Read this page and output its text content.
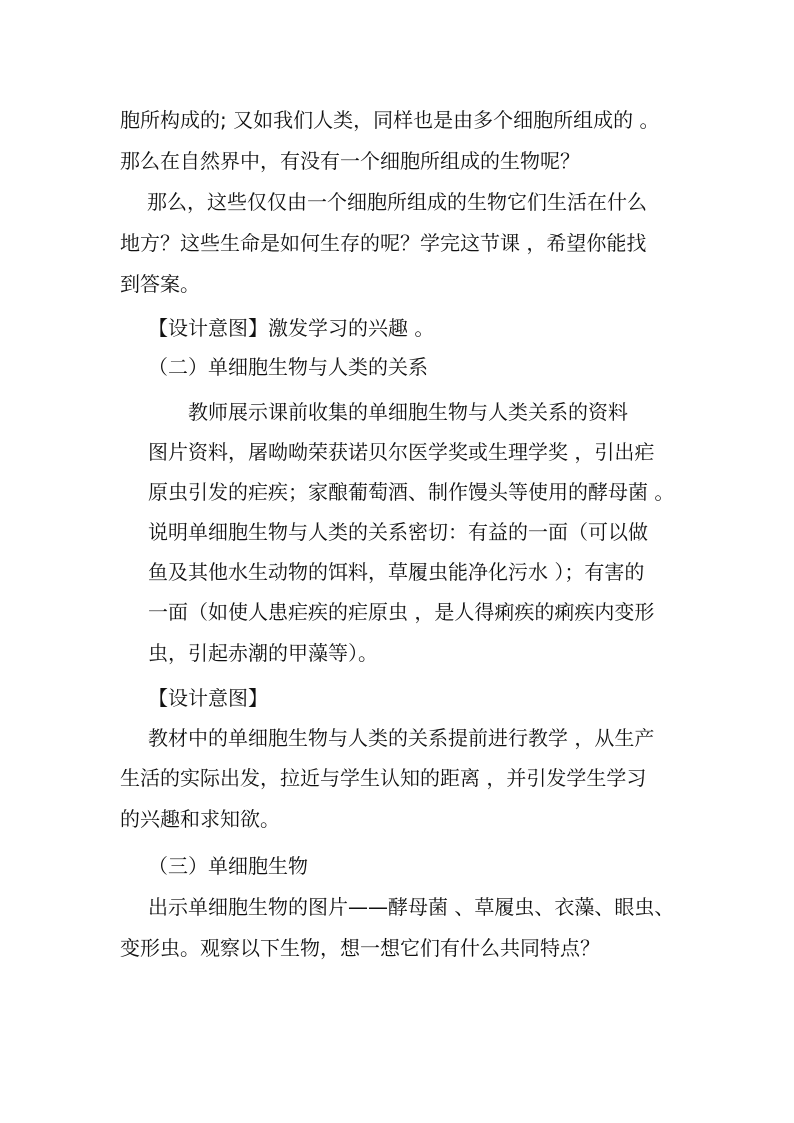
胞所构成的; 又如我们人类，同样也是由多个细胞所组成的 。
那么在自然界中，有没有一个细胞所组成的生物呢？
那么，这些仅仅由一个细胞所组成的生物它们生活在什么
地方？这些生命是如何生存的呢？学完这节课 ，希望你能找
到答案。
【设计意图】激发学习的兴趣 。
（二）单细胞生物与人类的关系
教师展示课前收集的单细胞生物与人类关系的资料
图片资料，屠呦呦荣获诺贝尔医学奖或生理学奖 ，引出疟
原虫引发的疟疾；家酿葡萄酒、制作馒头等使用的酵母菌 。
说明单细胞生物与人类的关系密切：有益的一面（可以做
鱼及其他水生动物的饵料，草履虫能净化污水 ）；有害的
一面（如使人患疟疾的疟原虫 ，是人得痢疾的痢疾内变形
虫，引起赤潮的甲藻等）。
【设计意图】
教材中的单细胞生物与人类的关系提前进行教学 ，从生产
生活的实际出发，拉近与学生认知的距离 ，并引发学生学习
的兴趣和求知欲。
（三）单细胞生物
出示单细胞生物的图片——酵母菌 、草履虫、衣藻、眼虫、
变形虫。观察以下生物，想一想它们有什么共同特点？
